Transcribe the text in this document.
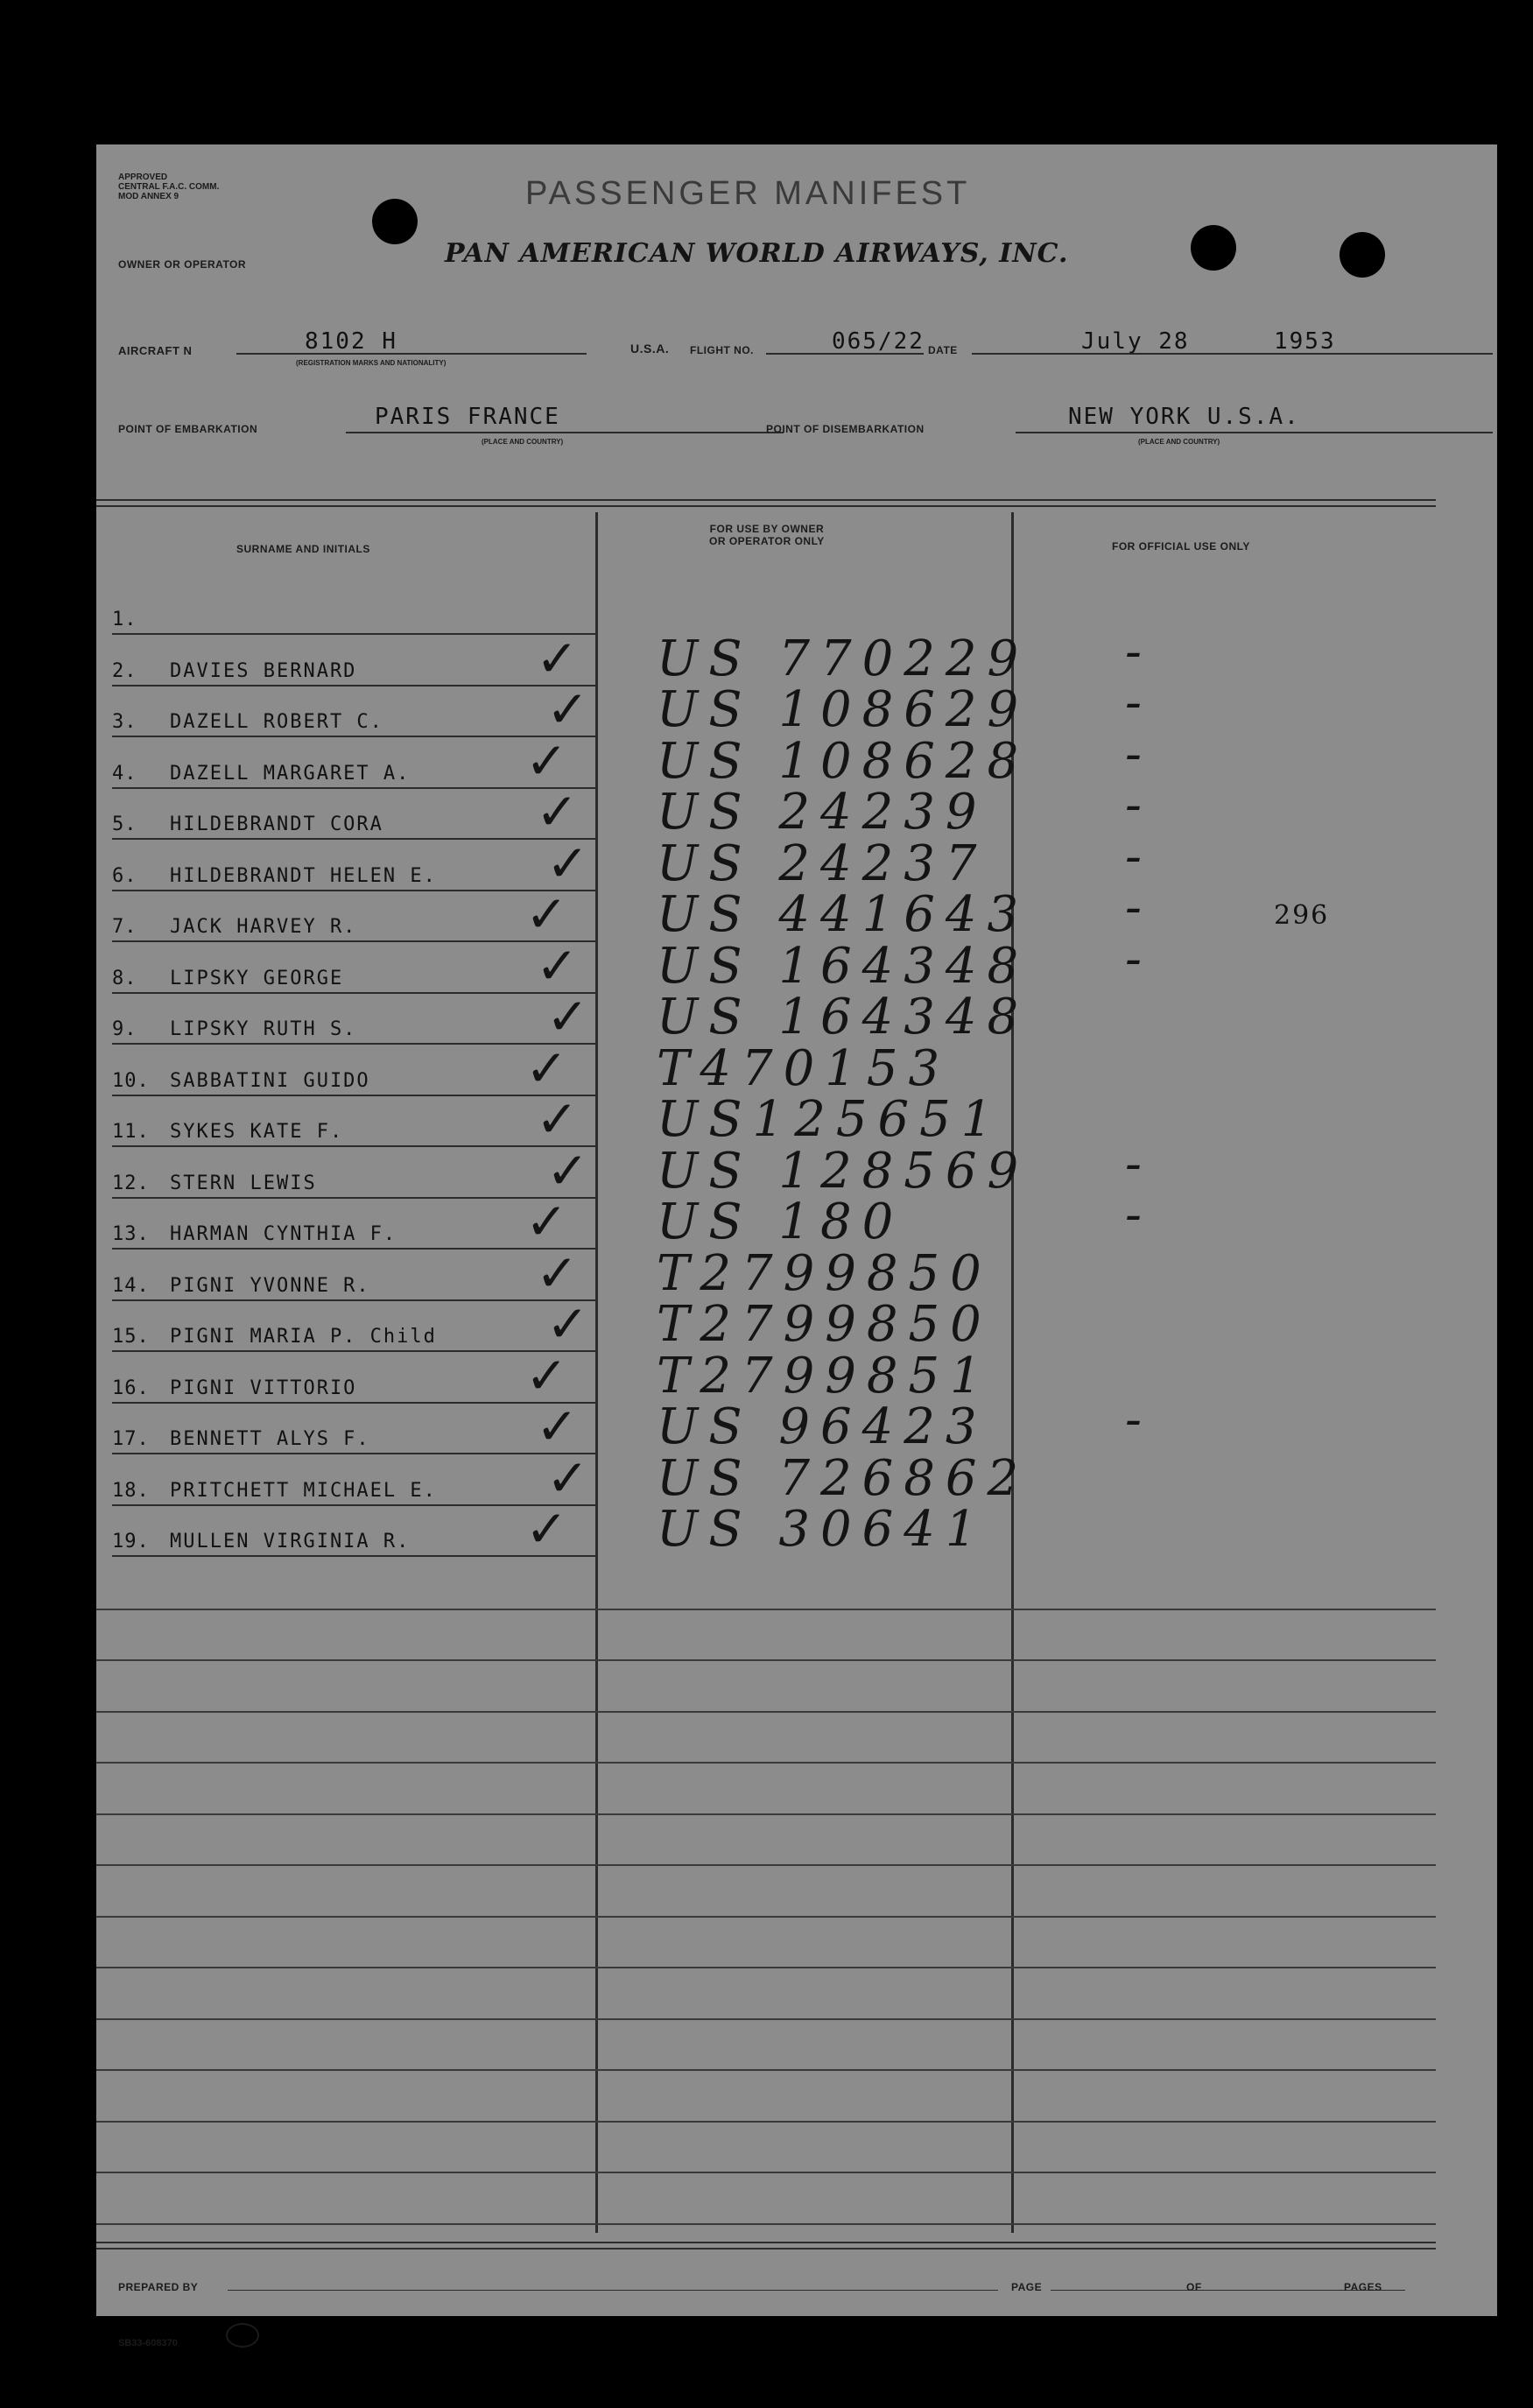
APPROVED
CENTRAL F.A.C. COMM.
MOD ANNEX 9	PASSENGER MANIFEST
PAN AMERICAN WORLD AIRWAYS, INC.
OWNER OR OPERATOR
AIRCRAFT N	8102 H
(REGISTRATION MARKS AND NATIONALITY)
U.S.A. FLIGHT NO.	065/22 DATE	July 28	1953
POINT OF EMBARKATION	PARIS FRANCE
(PLACE AND COUNTRY)
POINT OF DISEMBARKATION	NEW YORK U.S.A.
(PLACE AND COUNTRY)
SURNAME AND INITIALS
FOR USE BY OWNER
OR OPERATOR ONLY	FOR OFFICIAL USE ONLY
1.
2. DAVIES BERNARD	✓ US 770229 -
3. DAZELL ROBERT C.	✓ US 108629 -
4. DAZELL MARGARET A. ✓ US 108628 -
5. HILDEBRANDT CORA	✓ US 24239	-
6. HILDEBRANDT HELEN E. ✓ US 24237	-
7. JACK HARVEY R.	✓ US 441643 -	296
8. LIPSKY GEORGE	✓ US 164348 -
9. LIPSKY RUTH S.	✓ US 164348
10. SABBATINI GUIDO	✓ T470153
11. SYKES KATE F.	✓ US125651
12. STERN LEWIS	✓ US 128569 -
13. HARMAN CYNTHIA F.	✓ US 180	-
14. PIGNI YVONNE R.	✓ T2799850
15. PIGNI MARIA P. Child ✓ T2799850
16. PIGNI VITTORIO	✓ T2799851
17. BENNETT ALYS F.	✓ US 96423	-
18. PRITCHETT MICHAEL E. ✓ US 726862
19. MULLEN VIRGINIA R. ✓ US 30641
PREPARED BY	PAGE	OF	PAGES
SB33-608370
